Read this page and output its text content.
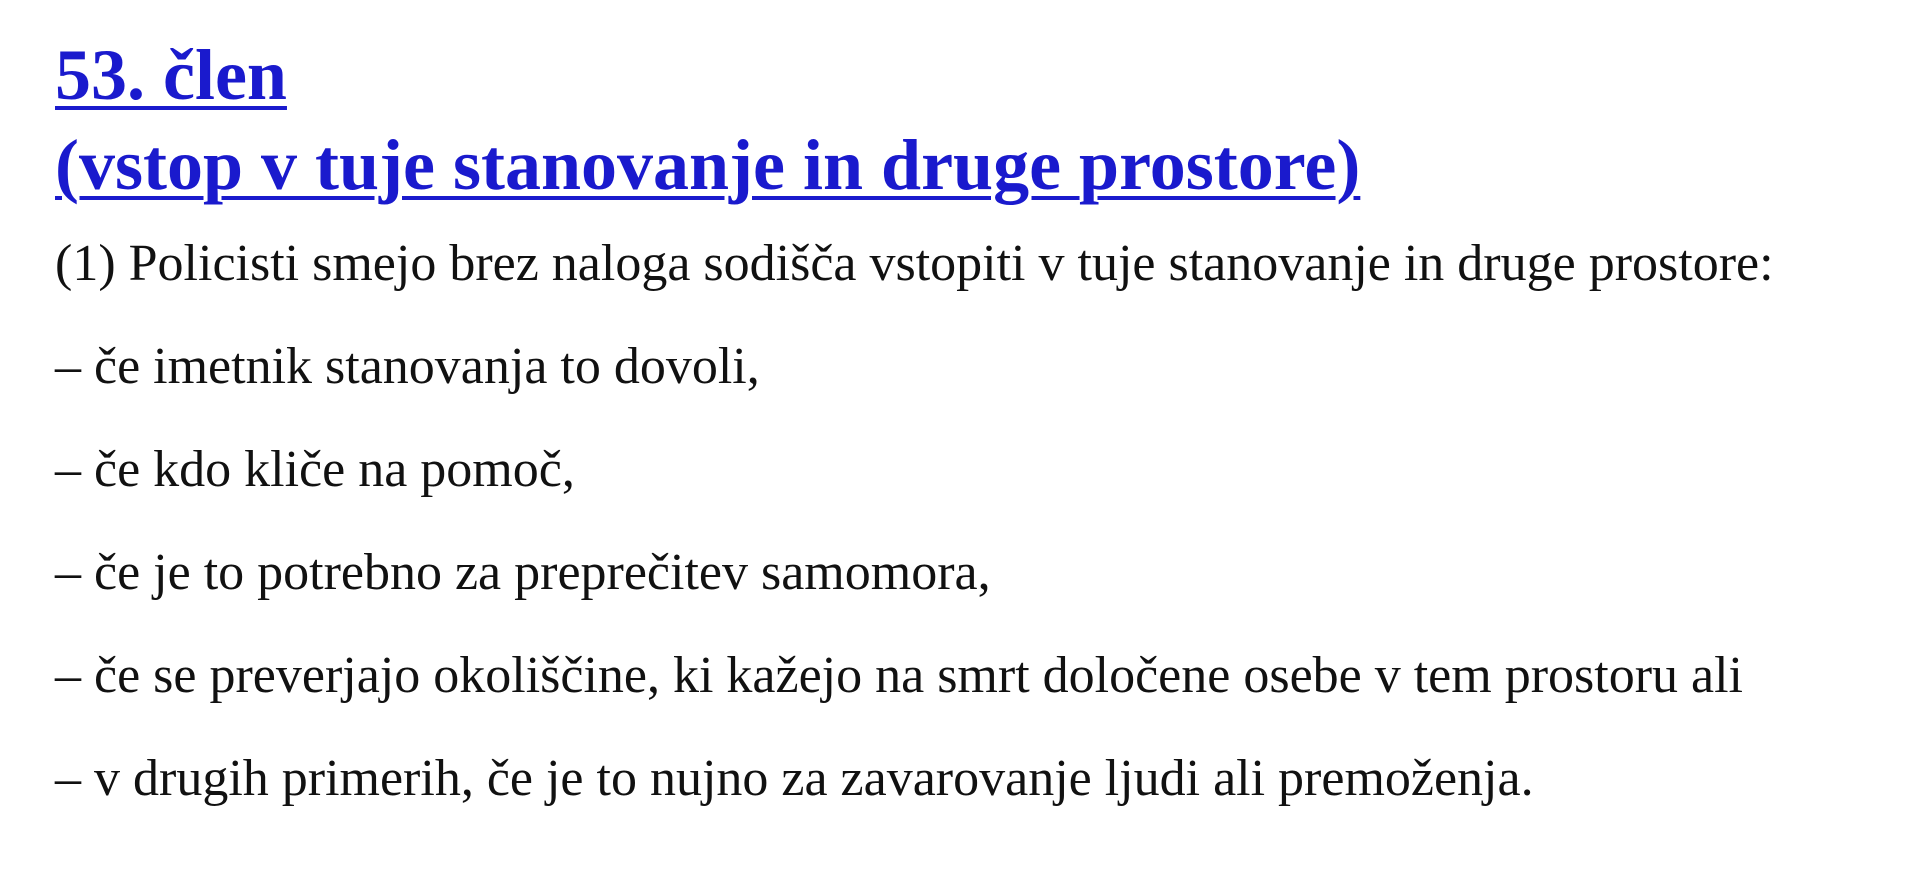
53. člen
(vstop v tuje stanovanje in druge prostore)

(1) Policisti smejo brez naloga sodišča vstopiti v tuje stanovanje in druge prostore:

– če imetnik stanovanja to dovoli,

– če kdo kliče na pomoč,

– če je to potrebno za preprečitev samomora,

– če se preverjajo okoliščine, ki kažejo na smrt določene osebe v tem prostoru ali

– v drugih primerih, če je to nujno za zavarovanje ljudi ali premoženja.
